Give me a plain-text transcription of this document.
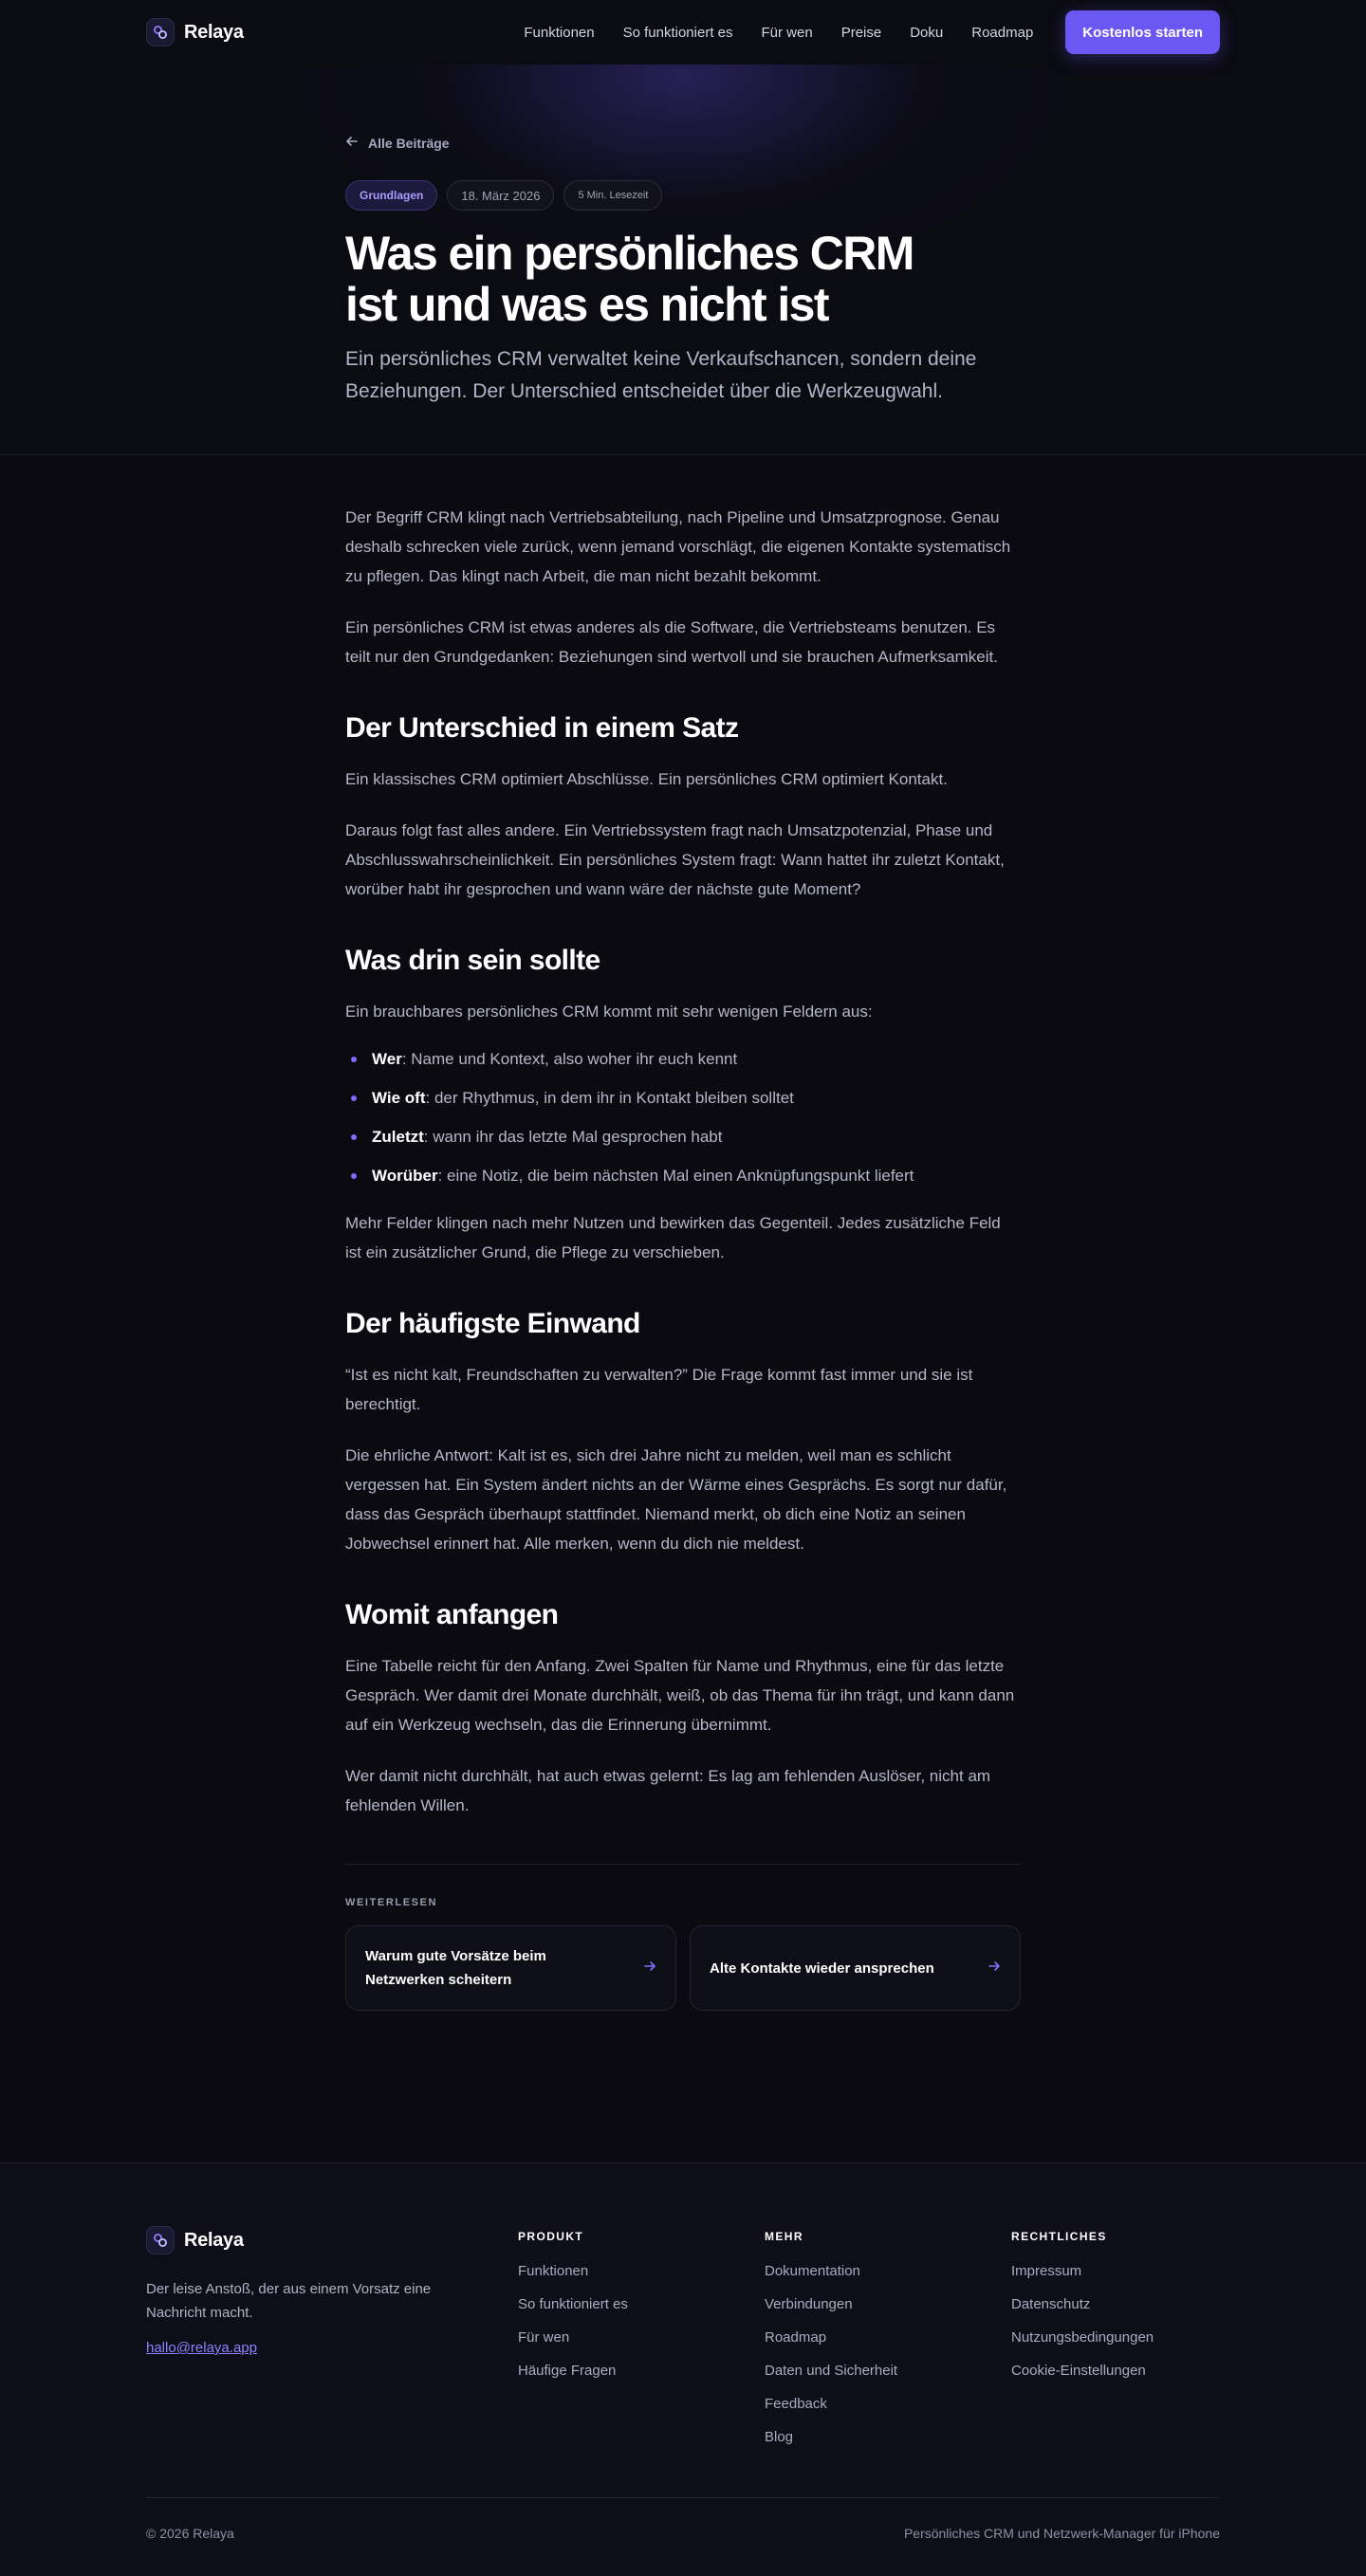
Relaya	Funktionen So funktioniert es Für wen Preise Doku Roadmap	Kostenlos starten
Alle Beiträge
Grundlagen	18. März 2026	5 Min. Lesezeit
Was ein persönliches CRM
ist und was es nicht ist

Ein persönliches CRM verwaltet keine Verkaufschancen, sondern deine Beziehungen. Der Unterschied entscheidet über die Werkzeugwahl.

Der Begriff CRM klingt nach Vertriebsabteilung, nach Pipeline und Umsatzprognose. Genau deshalb schrecken viele zurück, wenn jemand vorschlägt, die eigenen Kontakte systematisch zu pflegen. Das klingt nach Arbeit, die man nicht bezahlt bekommt.

Ein persönliches CRM ist etwas anderes als die Software, die Vertriebsteams benutzen. Es teilt nur den Grundgedanken: Beziehungen sind wertvoll und sie brauchen Aufmerksamkeit.

Der Unterschied in einem Satz

Ein klassisches CRM optimiert Abschlüsse. Ein persönliches CRM optimiert Kontakt.

Daraus folgt fast alles andere. Ein Vertriebssystem fragt nach Umsatzpotenzial, Phase und Abschlusswahrscheinlichkeit. Ein persönliches System fragt: Wann hattet ihr zuletzt Kontakt, worüber habt ihr gesprochen und wann wäre der nächste gute Moment?

Was drin sein sollte

Ein brauchbares persönliches CRM kommt mit sehr wenigen Feldern aus:

Wer: Name und Kontext, also woher ihr euch kennt
Wie oft: der Rhythmus, in dem ihr in Kontakt bleiben solltet
Zuletzt: wann ihr das letzte Mal gesprochen habt
Worüber: eine Notiz, die beim nächsten Mal einen Anknüpfungspunkt liefert

Mehr Felder klingen nach mehr Nutzen und bewirken das Gegenteil. Jedes zusätzliche Feld ist ein zusätzlicher Grund, die Pflege zu verschieben.

Der häufigste Einwand

“Ist es nicht kalt, Freundschaften zu verwalten?” Die Frage kommt fast immer und sie ist berechtigt.

Die ehrliche Antwort: Kalt ist es, sich drei Jahre nicht zu melden, weil man es schlicht vergessen hat. Ein System ändert nichts an der Wärme eines Gesprächs. Es sorgt nur dafür, dass das Gespräch überhaupt stattfindet. Niemand merkt, ob dich eine Notiz an seinen Jobwechsel erinnert hat. Alle merken, wenn du dich nie meldest.

Womit anfangen

Eine Tabelle reicht für den Anfang. Zwei Spalten für Name und Rhythmus, eine für das letzte Gespräch. Wer damit drei Monate durchhält, weiß, ob das Thema für ihn trägt, und kann dann auf ein Werkzeug wechseln, das die Erinnerung übernimmt.

Wer damit nicht durchhält, hat auch etwas gelernt: Es lag am fehlenden Auslöser, nicht am fehlenden Willen.

WEITERLESEN
Warum gute Vorsätze beim Netzwerken scheitern
Alte Kontakte wieder ansprechen
Relaya

Der leise Anstoß, der aus einem Vorsatz eine Nachricht macht.

hallo@relaya.app
PRODUKT
Funktionen
So funktioniert es
Für wen
Häufige Fragen
MEHR
Dokumentation
Verbindungen
Roadmap
Daten und Sicherheit
Feedback
Blog
RECHTLICHES
Impressum
Datenschutz
Nutzungsbedingungen
Cookie-Einstellungen
© 2026 Relaya	Persönliches CRM und Netzwerk-Manager für iPhone
